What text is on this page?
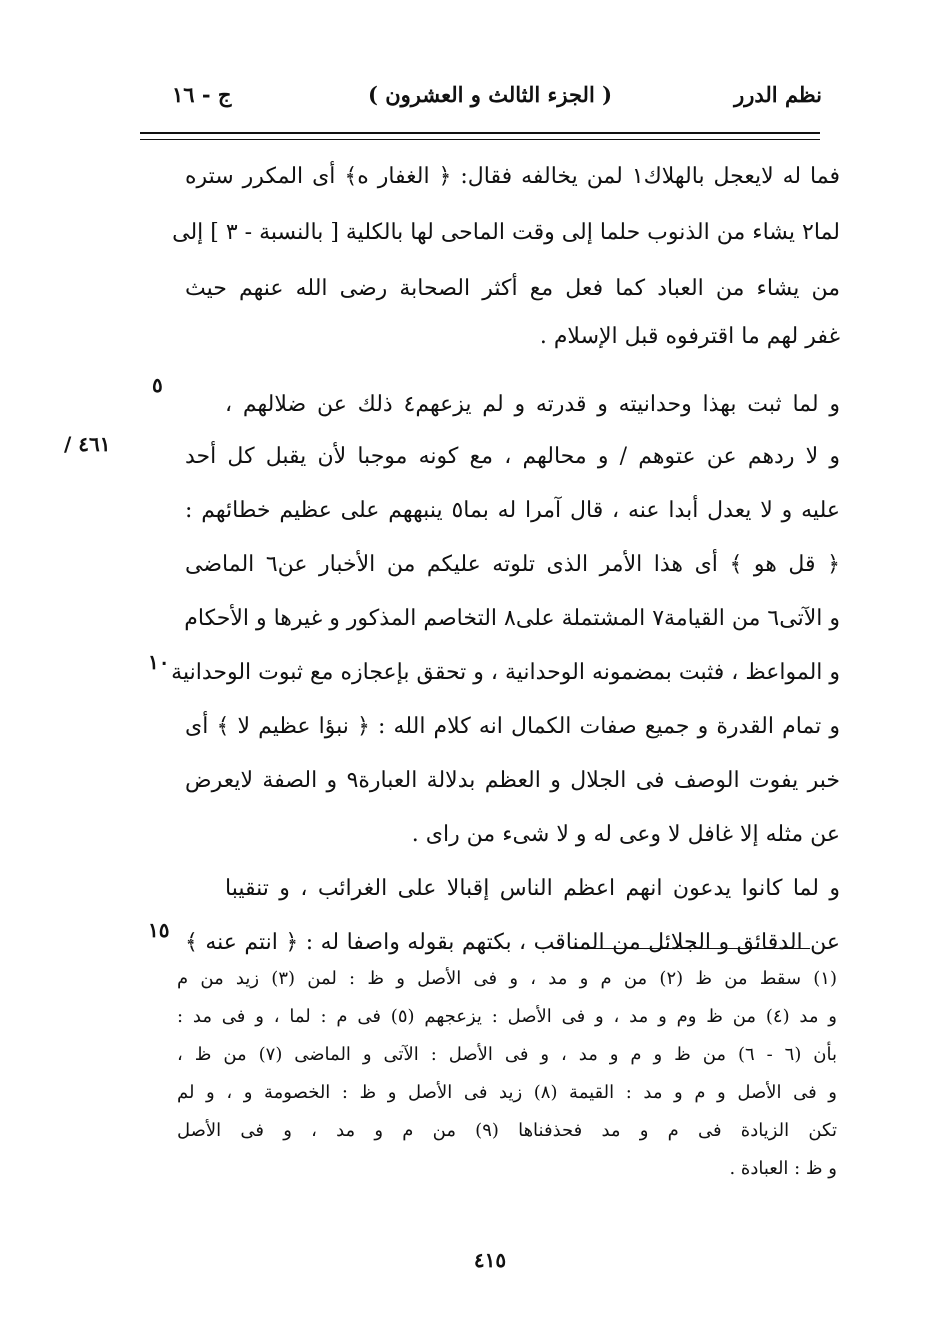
نظم الدرر
( الجزء الثالث و العشرون )
ج - ١٦
فما له لايعجل بالهلاك١ لمن يخالفه فقال: ﴿ الغفار ه﴾ أى المكرر ستره
لما٢ يشاء من الذنوب حلما إلى وقت الماحى لها بالكلية [ بالنسبة - ٣ ] إلى
من يشاء من العباد كما فعل مع أكثر الصحابة رضى الله عنهم حيث
غفر لهم ما اقترفوه قبل الإسلام .
و لما ثبت بهذا وحدانيته و قدرته و لم يزعهم٤ ذلك عن ضلالهم ،
و لا ردهم عن عتوهم / و محالهم ، مع كونه موجبا لأن يقبل كل أحد
عليه و لا يعدل أبدا عنه ، قال آمرا له بما٥ ينبههم على عظيم خطائهم :
﴿ قل هو ﴾ أى هذا الأمر الذى تلوته عليكم من الأخبار عن٦ الماضى
و الآتى٦ من القيامة٧ المشتملة على٨ التخاصم المذكور و غيرها و الأحكام
و المواعظ ، فثبت بمضمونه الوحدانية ، و تحقق بإعجازه مع ثبوت الوحدانية
و تمام القدرة و جميع صفات الكمال انه كلام الله : ﴿ نبؤا عظيم لا ﴾ أى
خبر يفوت الوصف فى الجلال و العظم بدلالة العبارة٩ و الصفة لايعرض
عن مثله إلا غافل لا وعى له و لا شىء من راى .
و لما كانوا يدعون انهم اعظم الناس إقبالا على الغرائب ، و تنقيبا
عن الدقائق و الجلائل من المناقب ، بكتهم بقوله واصفا له : ﴿ انتم عنه ﴾
٥
١٠
١٥
٤٦١ /
(١) سقط من ظ (٢) من م و مد ، و فى الأصل و ظ : لمن (٣) زيد من م
و مد (٤) من ظ وم و مد ، و فى الأصل : يزعجهم (٥) فى م : لما ، و فى مد :
بأن (٦ - ٦) من ظ و م و مد ، و فى الأصل : الآتى و الماضى (٧) من ظ ،
و فى الأصل و م و مد : القيمة (٨) زيد فى الأصل و ظ : الخصومة و ، و لم
تكن الزيادة فى م و مد فحذفناها (٩) من م و مد ، و فى الأصل
و ظ : العبادة .
٤١٥
